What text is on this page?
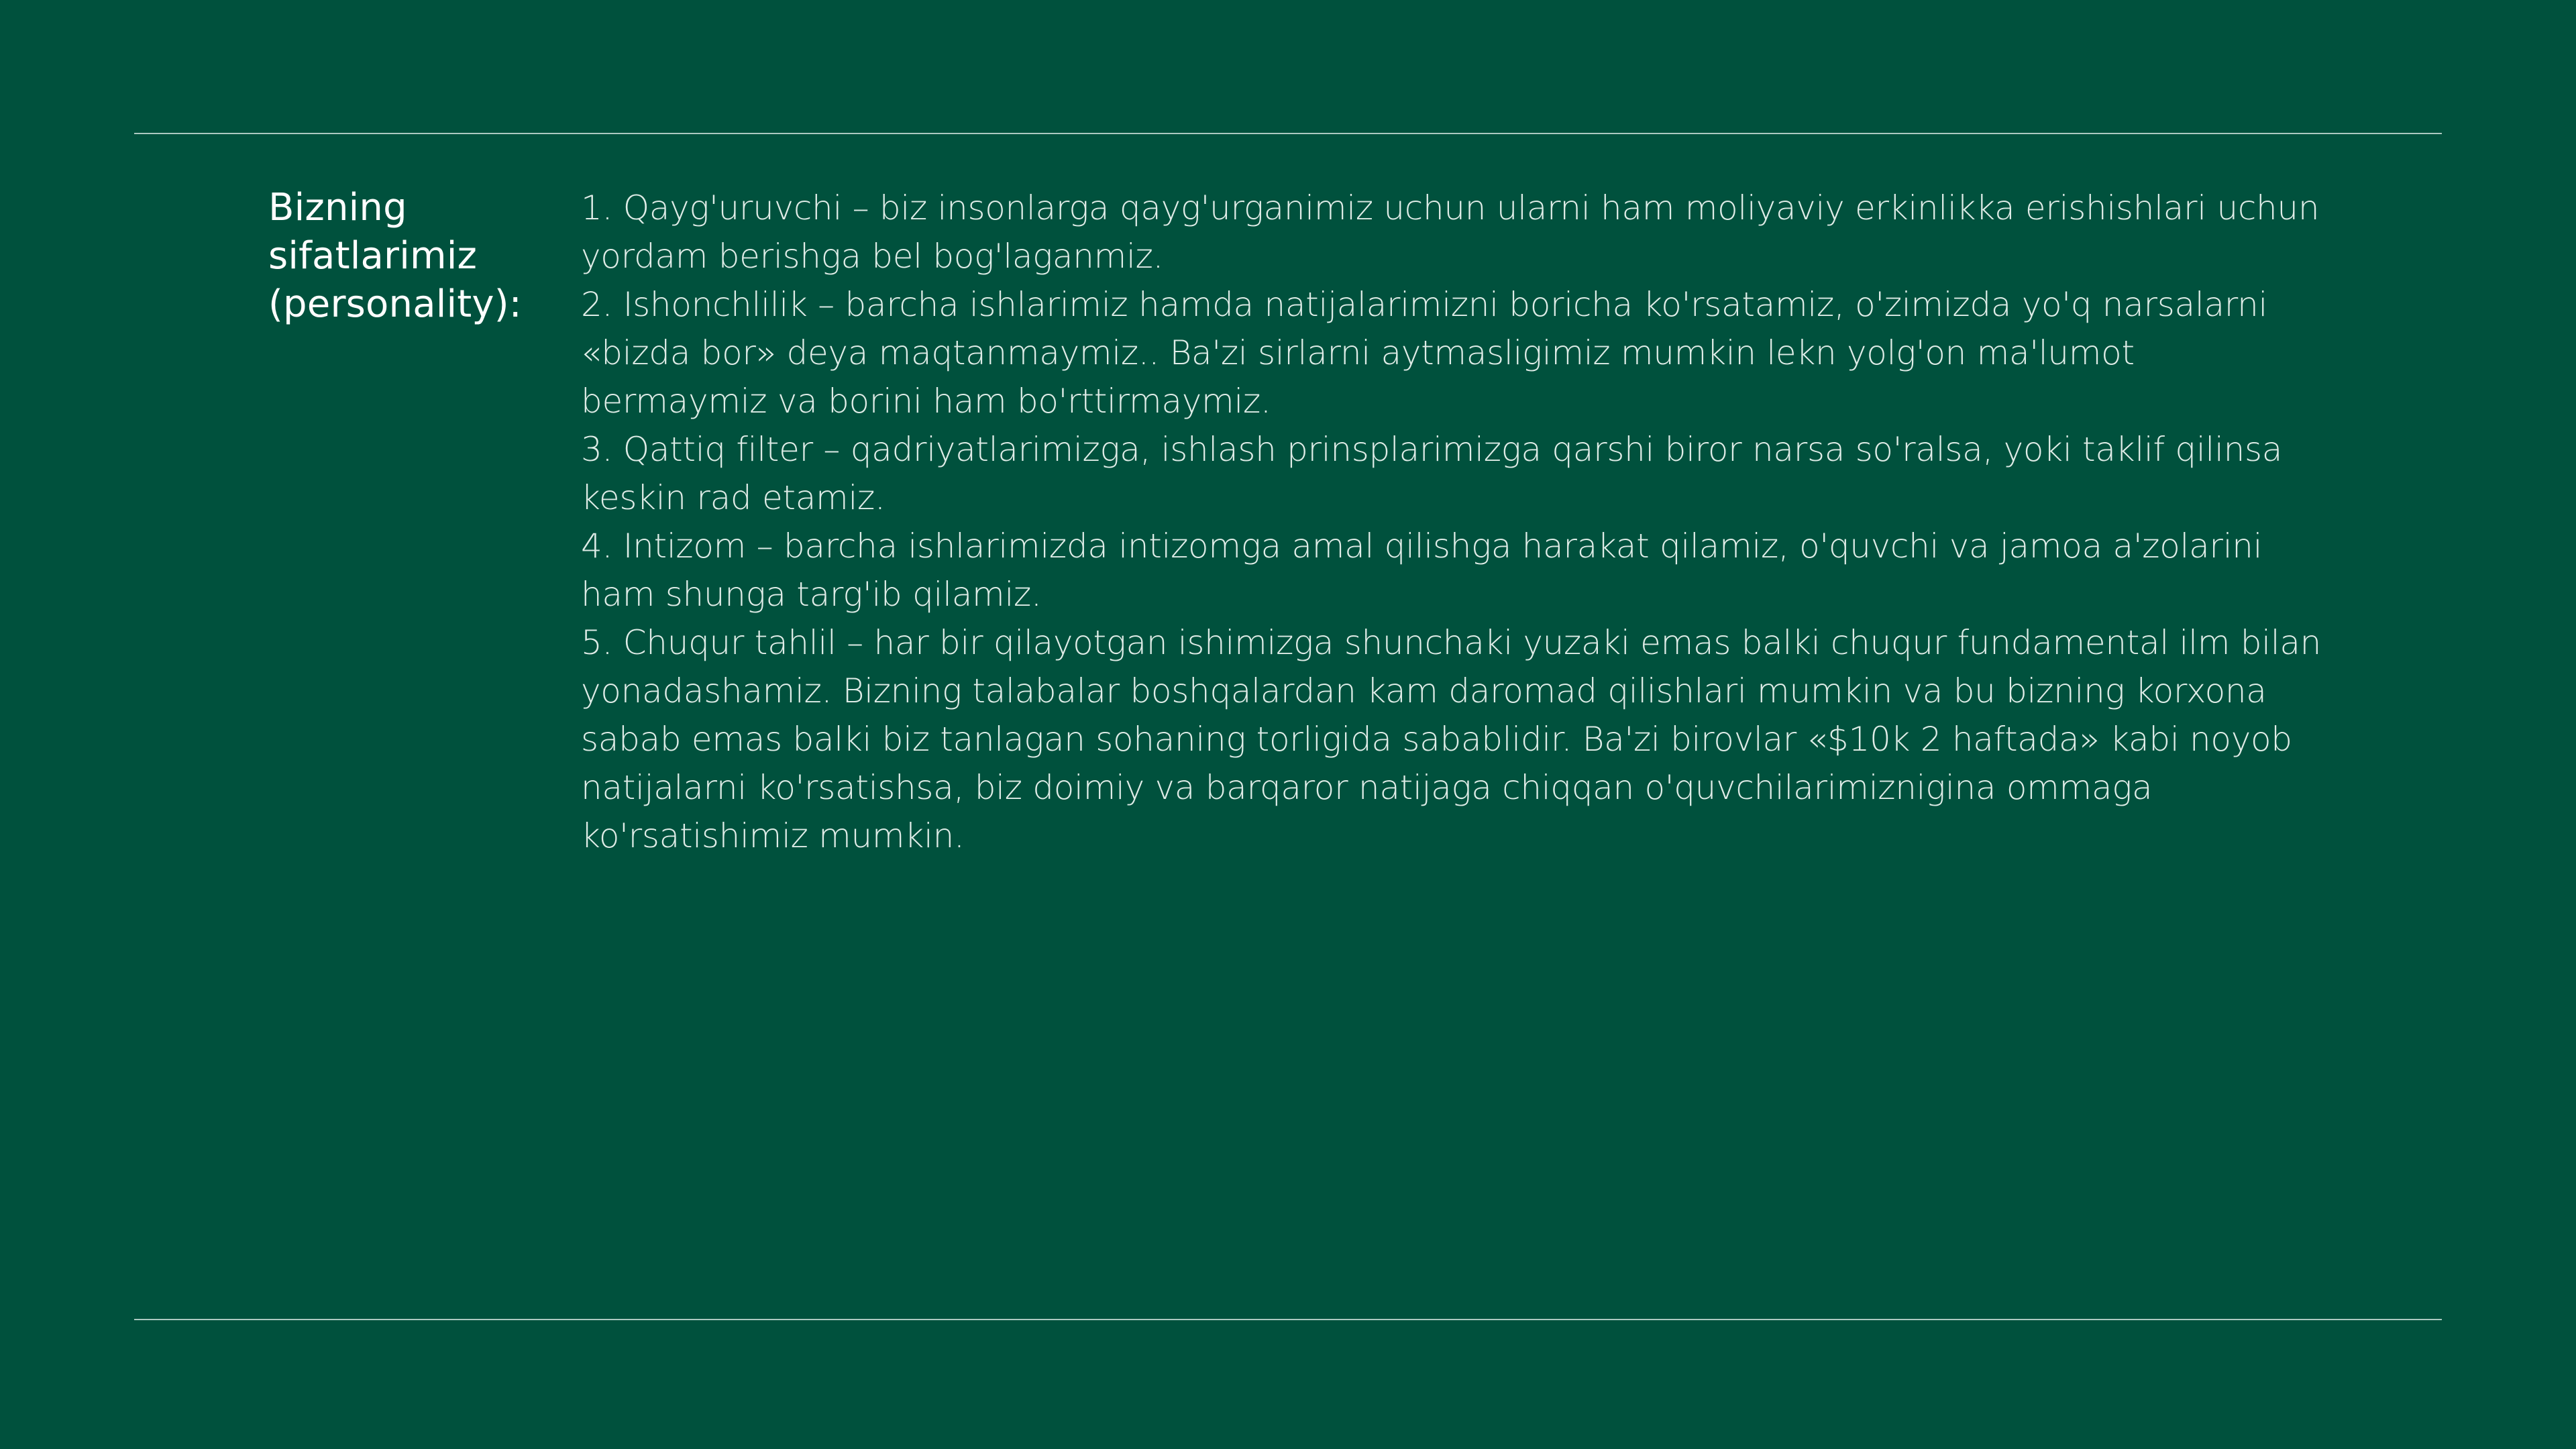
Bizning
sifatlarimiz
(personality):
1. Qayg'uruvchi – biz insonlarga qayg'urganimiz uchun ularni ham moliyaviy erkinlikka erishishlari uchun yordam berishga bel bog'laganmiz.
2. Ishonchlilik – barcha ishlarimiz hamda natijalarimizni boricha ko'rsatamiz, o'zimizda yo'q narsalarni «bizda bor» deya maqtanmaymiz.. Ba'zi sirlarni aytmasligimiz mumkin lekn yolg'on ma'lumot bermaymiz va borini ham bo'rttirmaymiz.
3. Qattiq filter – qadriyatlarimizga, ishlash prinsplarimizga qarshi biror narsa so'ralsa, yoki taklif qilinsa keskin rad etamiz.
4. Intizom – barcha ishlarimizda intizomga amal qilishga harakat qilamiz, o'quvchi va jamoa a'zolarini ham shunga targ'ib qilamiz.
5. Chuqur tahlil – har bir qilayotgan ishimizga shunchaki yuzaki emas balki chuqur fundamental ilm bilan yonadashamiz. Bizning talabalar boshqalardan kam daromad qilishlari mumkin va bu bizning korxona sabab emas balki biz tanlagan sohaning torligida sabablidir. Ba'zi birovlar «$10k 2 haftada» kabi noyob natijalarni ko'rsatishsa, biz doimiy va barqaror natijaga chiqqan o'quvchilarimizniginа ommaga ko'rsatishimiz mumkin.
